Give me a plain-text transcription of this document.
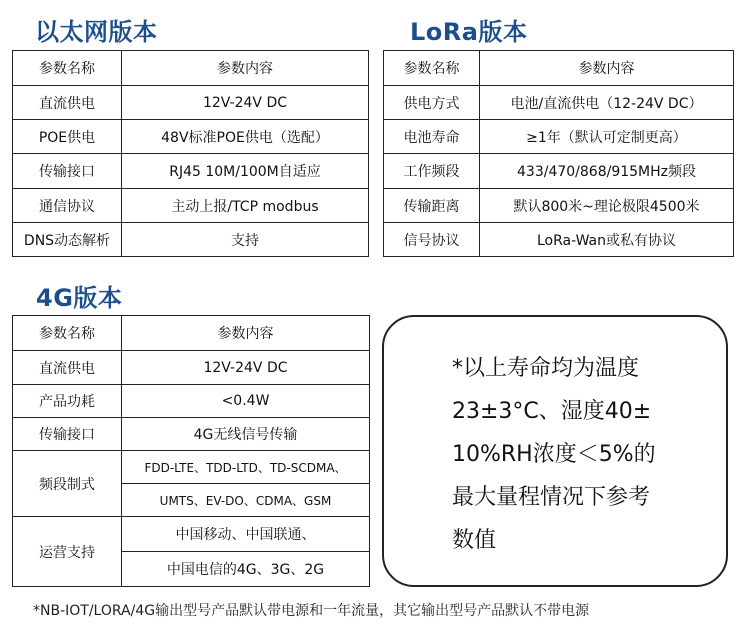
以太网版本
参数名称	参数内容
直流供电	12V-24V DC
POE供电	48V标准POE供电（选配）
传输接口	RJ45 10M/100M自适应
通信协议	主动上报/TCP modbus
DNS动态解析	支持
LoRa版本
参数名称	参数内容
供电方式	电池/直流供电（12-24V DC）
电池寿命	≥1年（默认可定制更高）
工作频段	433/470/868/915MHz频段
传输距离	默认800米~理论极限4500米
信号协议	LoRa-Wan或私有协议
4G版本
参数名称	参数内容
直流供电	12V-24V DC
产品功耗	<0.4W
传输接口	4G无线信号传输
频段制式	FDD-LTE、TDD-LTD、TD-SCDMA、
	UMTS、EV-DO、CDMA、GSM
运营支持	中国移动、中国联通、
	中国电信的4G、3G、2G
*以上寿命均为温度
23±3°C、湿度40±
10%RH浓度＜5%的
最大量程情况下参考
数值
*NB-IOT/LORA/4G输出型号产品默认带电源和一年流量，其它输出型号产品默认不带电源
